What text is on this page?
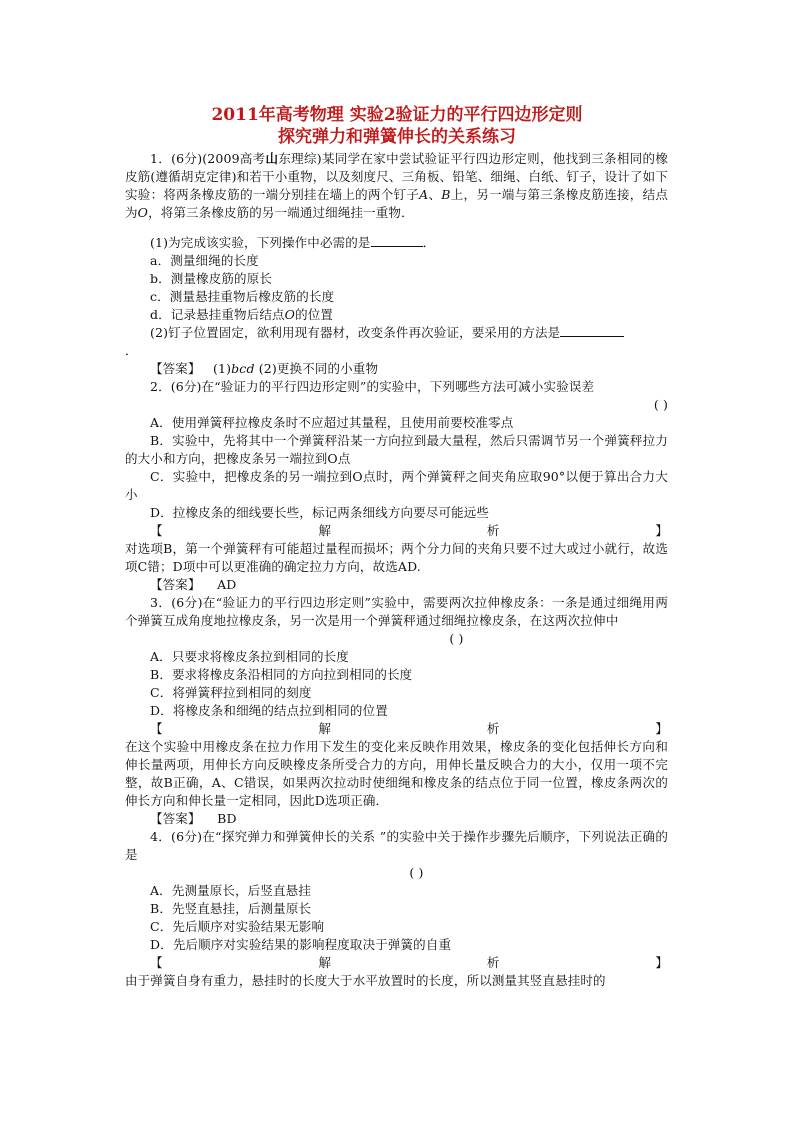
2011年高考物理 实验2验证力的平行四边形定则
探究弹力和弹簧伸长的关系练习

1．(6分)(2009高考山东理综)某同学在家中尝试验证平行四边形定则，他找到三条相同的橡皮筋(遵循胡克定律)和若干小重物，以及刻度尺、三角板、铅笔、细绳、白纸、钉子，设计了如下实验：将两条橡皮筋的一端分别挂在墙上的两个钉子A、B上，另一端与第三条橡皮筋连接，结点为O，将第三条橡皮筋的另一端通过细绳挂一重物．

(1)为完成该实验，下列操作中必需的是	．

a．测量细绳的长度

b．测量橡皮筋的原长

c．测量悬挂重物后橡皮筋的长度

d．记录悬挂重物后结点O的位置

(2)钉子位置固定，欲利用现有器材，改变条件再次验证，要采用的方法是
．

【答案】 (1)bcd (2)更换不同的小重物

2．(6分)在“验证力的平行四边形定则”的实验中，下列哪些方法可减小实验误差

( )

A．使用弹簧秤拉橡皮条时不应超过其量程，且使用前要校准零点

B．实验中，先将其中一个弹簧秤沿某一方向拉到最大量程，然后只需调节另一个弹簧秤拉力的大小和方向，把橡皮条另一端拉到O点

C．实验中，把橡皮条的另一端拉到O点时，两个弹簧秤之间夹角应取90°以便于算出合力大小

D．拉橡皮条的细线要长些，标记两条细线方向要尽可能远些

【	解	析	】

对选项B，第一个弹簧秤有可能超过量程而损坏；两个分力间的夹角只要不过大或过小就行，故选项C错；D项中可以更准确的确定拉力方向，故选AD.

【答案】 AD

3．(6分)在“验证力的平行四边形定则”实验中，需要两次拉伸橡皮条：一条是通过细绳用两个弹簧互成角度地拉橡皮条，另一次是用一个弹簧秤通过细绳拉橡皮条，在这两次拉伸中

( )

A．只要求将橡皮条拉到相同的长度

B．要求将橡皮条沿相同的方向拉到相同的长度

C．将弹簧秤拉到相同的刻度

D．将橡皮条和细绳的结点拉到相同的位置

【	解	析	】

在这个实验中用橡皮条在拉力作用下发生的变化来反映作用效果，橡皮条的变化包括伸长方向和伸长量两项，用伸长方向反映橡皮条所受合力的方向，用伸长量反映合力的大小，仅用一项不完整，故B正确，A、C错误，如果两次拉动时使细绳和橡皮条的结点位于同一位置，橡皮条两次的伸长方向和伸长量一定相同，因此D选项正确．

【答案】 BD

4．(6分)在“探究弹力和弹簧伸长的关系 ”的实验中关于操作步骤先后顺序，下列说法正确的是

( )

A．先测量原长，后竖直悬挂

B．先竖直悬挂，后测量原长

C．先后顺序对实验结果无影响

D．先后顺序对实验结果的影响程度取决于弹簧的自重

【	解	析	】

由于弹簧自身有重力，悬挂时的长度大于水平放置时的长度，所以测量其竖直悬挂时的
